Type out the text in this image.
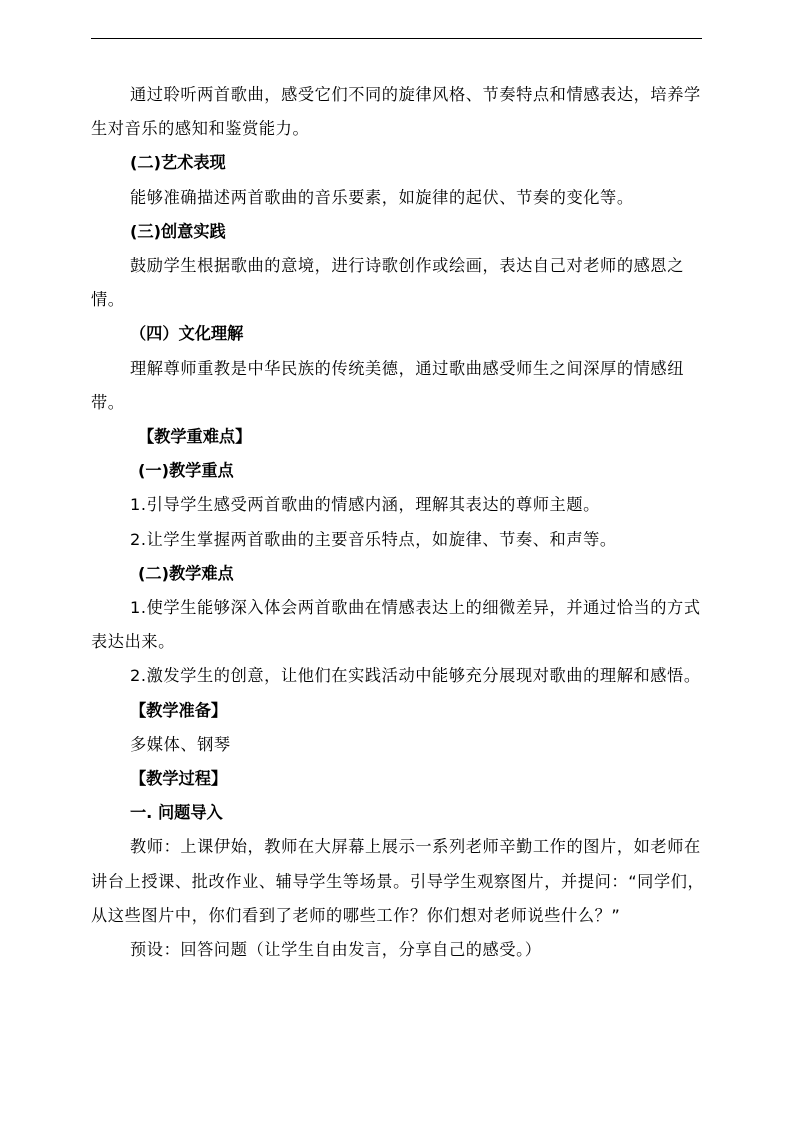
通过聆听两首歌曲，感受它们不同的旋律风格、节奏特点和情感表达，培养学生对音乐的感知和鉴赏能力。

(二)艺术表现

能够准确描述两首歌曲的音乐要素，如旋律的起伏、节奏的变化等。

(三)创意实践

鼓励学生根据歌曲的意境，进行诗歌创作或绘画，表达自己对老师的感恩之情。

（四）文化理解

理解尊师重教是中华民族的传统美德，通过歌曲感受师生之间深厚的情感纽带。

【教学重难点】

(一)教学重点

1.引导学生感受两首歌曲的情感内涵，理解其表达的尊师主题。

2.让学生掌握两首歌曲的主要音乐特点，如旋律、节奏、和声等。

(二)教学难点

1.使学生能够深入体会两首歌曲在情感表达上的细微差异，并通过恰当的方式表达出来。

2.激发学生的创意，让他们在实践活动中能够充分展现对歌曲的理解和感悟。

【教学准备】

多媒体、钢琴

【教学过程】

一. 问题导入

教师：上课伊始，教师在大屏幕上展示一系列老师辛勤工作的图片，如老师在讲台上授课、批改作业、辅导学生等场景。引导学生观察图片，并提问：“同学们，从这些图片中，你们看到了老师的哪些工作？你们想对老师说些什么？”

预设：回答问题（让学生自由发言，分享自己的感受。）
